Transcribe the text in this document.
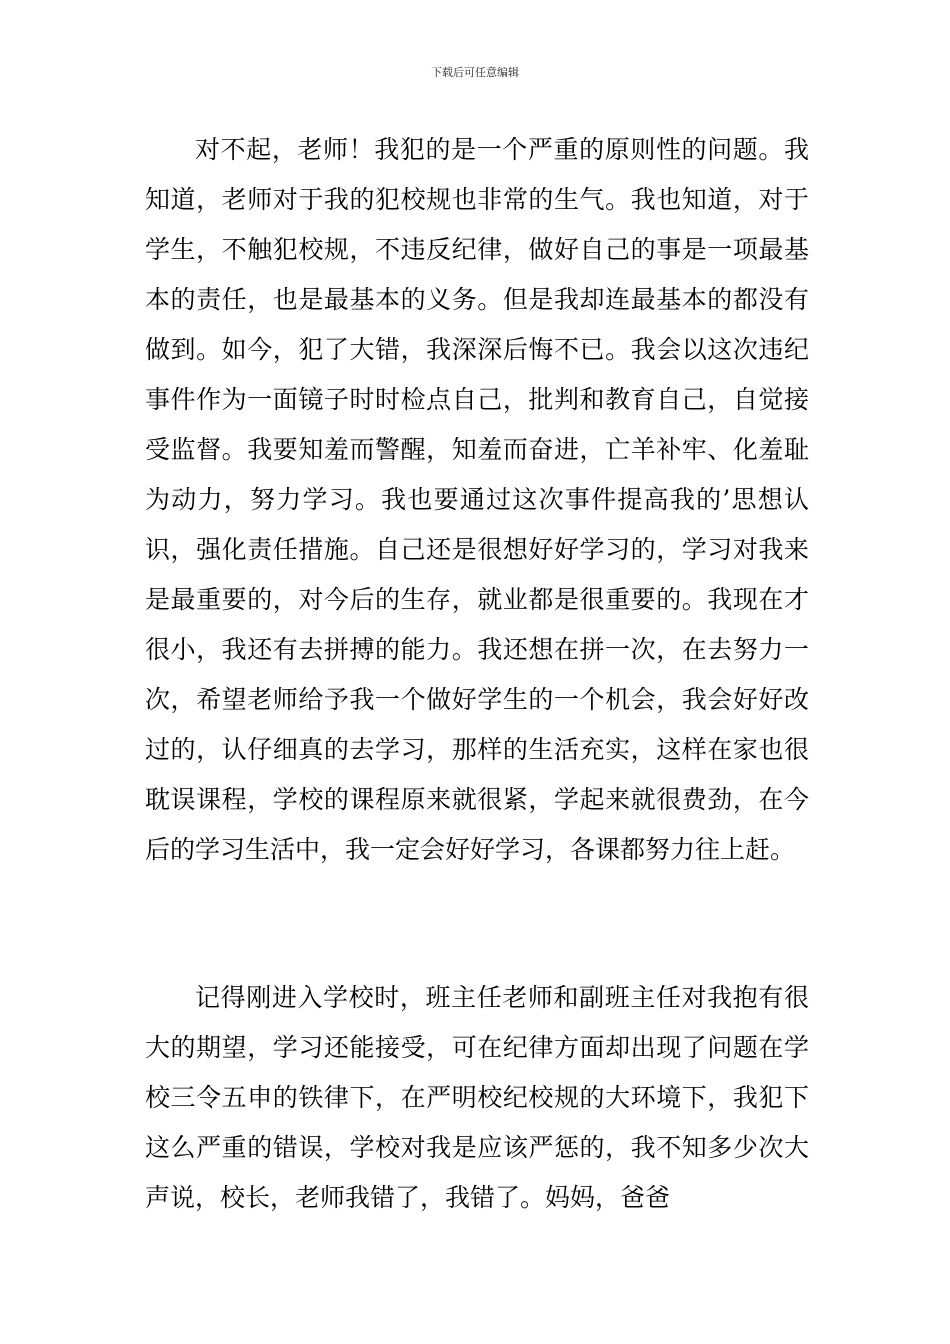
下载后可任意编辑

对不起，老师！我犯的是一个严重的原则性的问题。我知道，老师对于我的犯校规也非常的生气。我也知道，对于学生，不触犯校规，不违反纪律，做好自己的事是一项最基本的责任，也是最基本的义务。但是我却连最基本的都没有做到。如今，犯了大错，我深深后悔不已。我会以这次违纪事件作为一面镜子时时检点自己，批判和教育自己，自觉接受监督。我要知羞而警醒，知羞而奋进，亡羊补牢、化羞耻为动力，努力学习。我也要通过这次事件提高我的’思想认识，强化责任措施。自己还是很想好好学习的，学习对我来是最重要的，对今后的生存，就业都是很重要的。我现在才很小，我还有去拼搏的能力。我还想在拼一次，在去努力一次，希望老师给予我一个做好学生的一个机会，我会好好改过的，认仔细真的去学习，那样的生活充实，这样在家也很耽误课程，学校的课程原来就很紧，学起来就很费劲，在今后的学习生活中，我一定会好好学习，各课都努力往上赶。

记得刚进入学校时，班主任老师和副班主任对我抱有很大的期望，学习还能接受，可在纪律方面却出现了问题在学校三令五申的铁律下，在严明校纪校规的大环境下，我犯下这么严重的错误，学校对我是应该严惩的，我不知多少次大声说，校长，老师我错了，我错了。妈妈，爸爸
